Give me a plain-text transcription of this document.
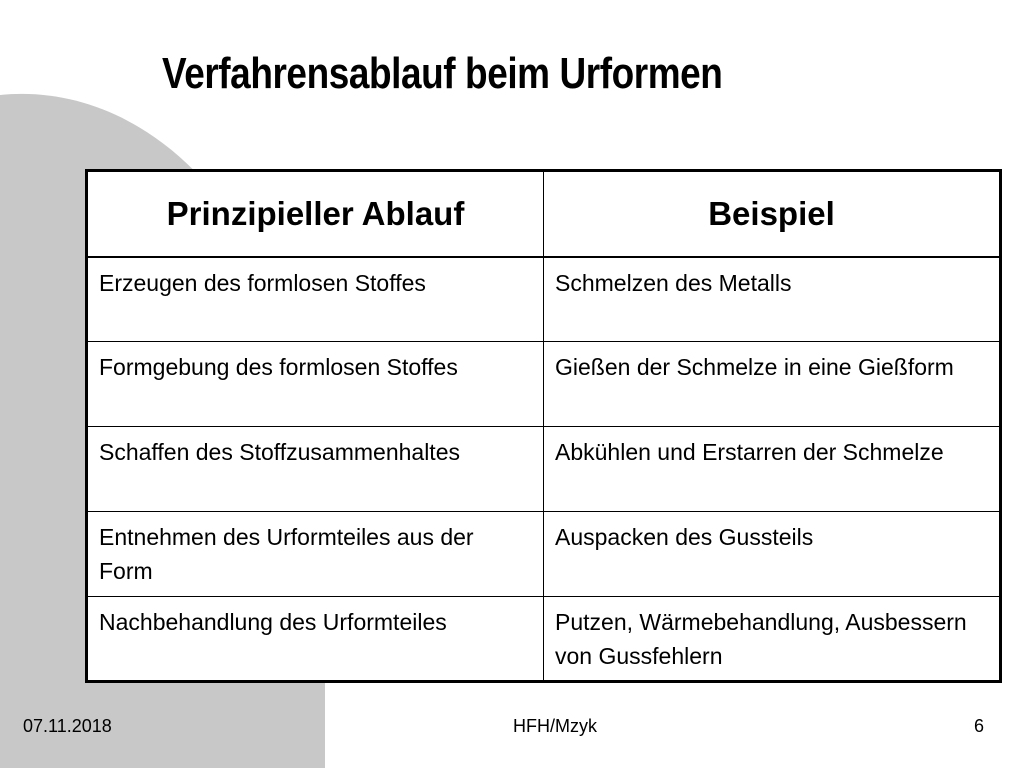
Verfahrensablauf beim Urformen
Prinzipieller Ablauf	Beispiel
Erzeugen des formlosen Stoffes	Schmelzen des Metalls
Formgebung des formlosen Stoffes	Gießen der Schmelze in eine Gießform
Schaffen des Stoffzusammenhaltes	Abkühlen und Erstarren der Schmelze
Entnehmen des Urformteiles aus der Form	Auspacken des Gussteils
Nachbehandlung des Urformteiles	Putzen, Wärmebehandlung, Ausbessern von Gussfehlern
07.11.2018	HFH/Mzyk	6
